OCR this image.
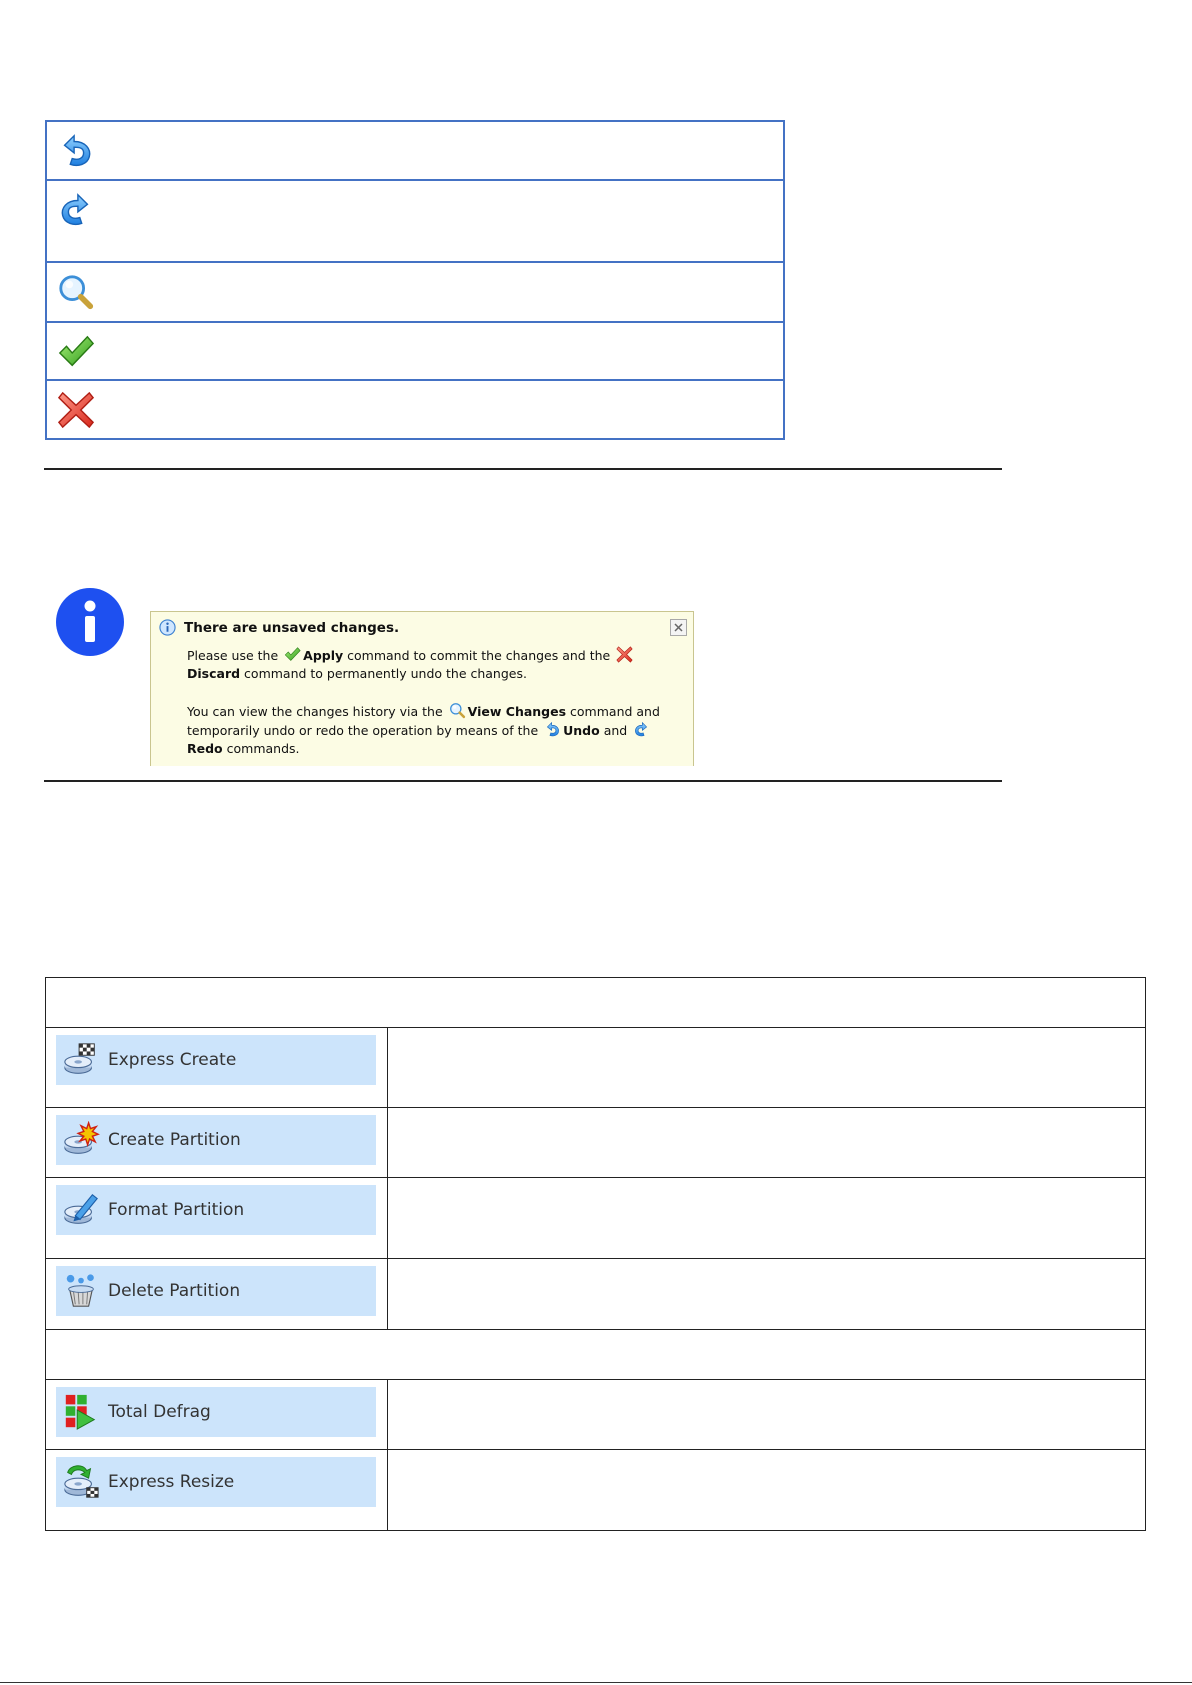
There are unsaved changes.
Please use the Apply command to commit the changes and the Discard command to permanently undo the changes.
You can view the changes history via the View Changes command and temporarily undo or redo the operation by means of the Undo and Redo commands.

Express Create	

Create Partition	

Format Partition	

Delete Partition	

Total Defrag	

Express Resize	
